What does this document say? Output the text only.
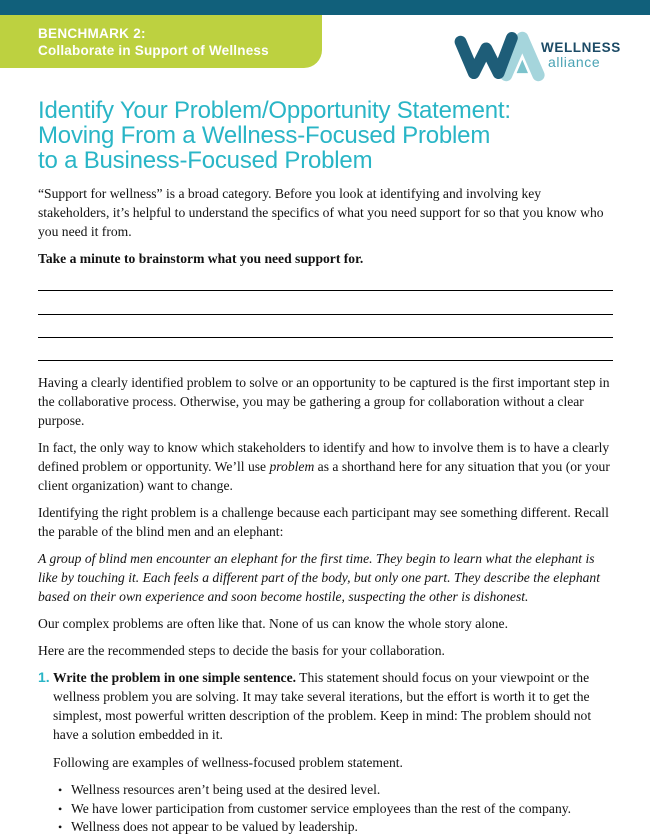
BENCHMARK 2:
Collaborate in Support of Wellness	WELLNESS
alliance
Identify Your Problem/Opportunity Statement:
Moving From a Wellness-Focused Problem
to a Business-Focused Problem

“Support for wellness” is a broad category. Before you look at identifying and involving key stakeholders, it’s helpful to understand the specifics of what you need support for so that you know who you need it from.

Take a minute to brainstorm what you need support for.

Having a clearly identified problem to solve or an opportunity to be captured is the first important step in the collaborative process. Otherwise, you may be gathering a group for collaboration without a clear purpose.

In fact, the only way to know which stakeholders to identify and how to involve them is to have a clearly defined problem or opportunity. We’ll use problem as a shorthand here for any situation that you (or your client organization) want to change.

Identifying the right problem is a challenge because each participant may see something different. Recall the parable of the blind men and an elephant:

A group of blind men encounter an elephant for the first time. They begin to learn what the elephant is like by touching it. Each feels a different part of the body, but only one part. They describe the elephant based on their own experience and soon become hostile, suspecting the other is dishonest.

Our complex problems are often like that. None of us can know the whole story alone.

Here are the recommended steps to decide the basis for your collaboration.

1. Write the problem in one simple sentence. This statement should focus on your viewpoint or the wellness problem you are solving. It may take several iterations, but the effort is worth it to get the simplest, most powerful written description of the problem. Keep in mind: The problem should not have a solution embedded in it.

Following are examples of wellness-focused problem statement.

• Wellness resources aren’t being used at the desired level.
• We have lower participation from customer service employees than the rest of the company.
• Wellness does not appear to be valued by leadership.
